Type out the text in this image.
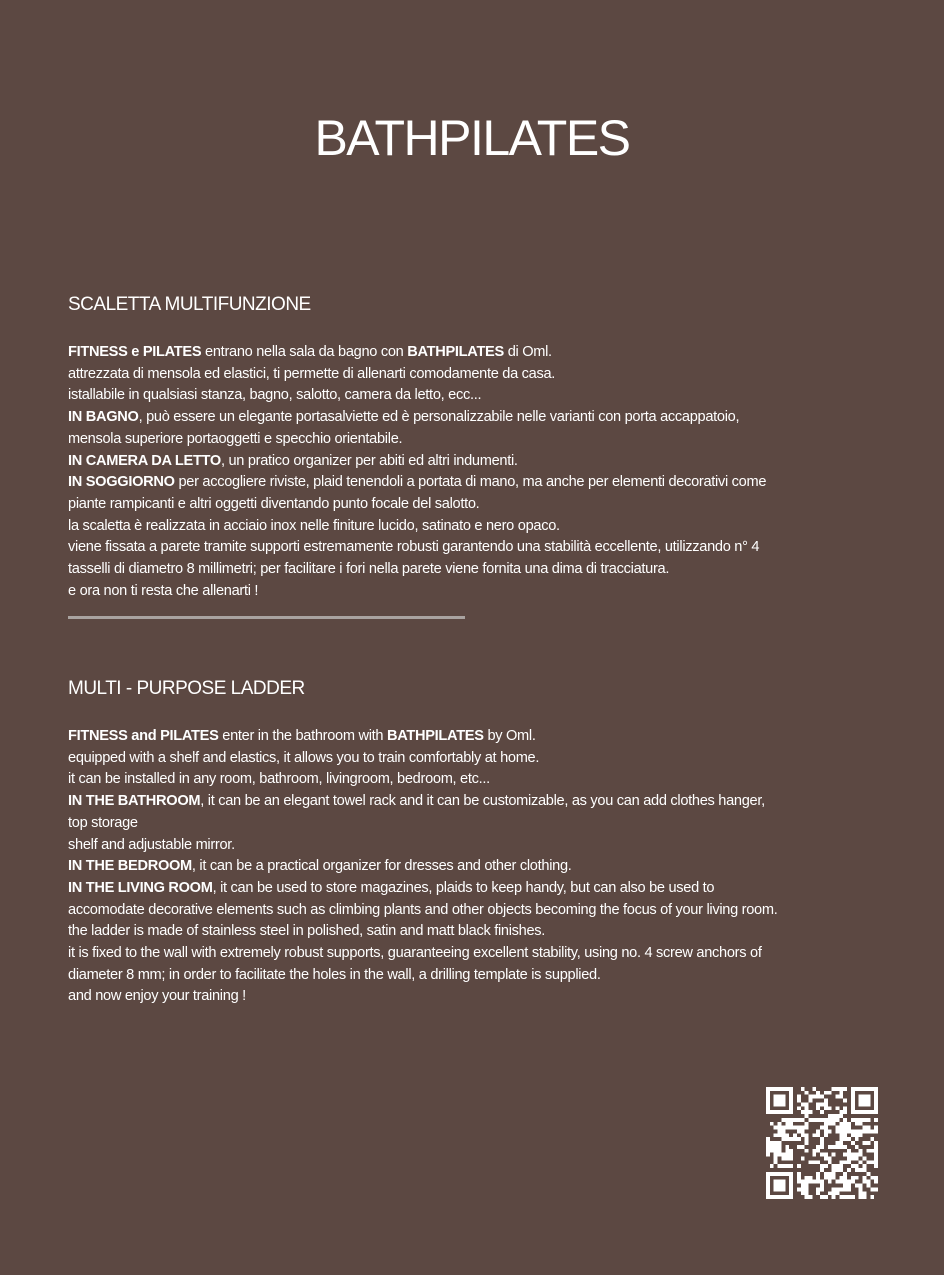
BATHPILATES
SCALETTA MULTIFUNZIONE
FITNESS e PILATES entrano nella sala da bagno con BATHPILATES di Oml.
attrezzata di mensola ed elastici, ti permette di allenarti comodamente da casa.
istallabile in qualsiasi stanza, bagno, salotto, camera da letto, ecc...
IN BAGNO, può essere un elegante portasalviette ed è personalizzabile nelle varianti con porta accappatoio,
mensola superiore portaoggetti e specchio orientabile.
IN CAMERA DA LETTO, un pratico organizer per abiti ed altri indumenti.
IN SOGGIORNO per accogliere riviste, plaid tenendoli a portata di mano, ma anche per elementi decorativi come
piante rampicanti e altri oggetti diventando punto focale del salotto.
la scaletta è realizzata in acciaio inox nelle finiture lucido, satinato e nero opaco.
viene fissata a parete tramite supporti estremamente robusti garantendo una stabilità eccellente, utilizzando n° 4
tasselli di diametro 8 millimetri; per facilitare i fori nella parete viene fornita una dima di tracciatura.
e ora non ti resta che allenarti !
MULTI - PURPOSE LADDER
FITNESS and PILATES enter in the bathroom with BATHPILATES by Oml.
equipped with a shelf and elastics, it allows you to train comfortably at home.
it can be installed in any room, bathroom, livingroom, bedroom, etc...
IN THE BATHROOM, it can be an elegant towel rack and it can be customizable, as you can add clothes hanger,
top storage
shelf and adjustable mirror.
IN THE BEDROOM, it can be a practical organizer for dresses and other clothing.
IN THE LIVING ROOM, it can be used to store magazines, plaids to keep handy, but can also be used to
accomodate decorative elements such as climbing plants and other objects becoming the focus of your living room.
the ladder is made of stainless steel in polished, satin and matt black finishes.
it is fixed to the wall with extremely robust supports, guaranteeing excellent stability, using no. 4 screw anchors of
diameter 8 mm; in order to facilitate the holes in the wall, a drilling template is supplied.
and now enjoy your training !
